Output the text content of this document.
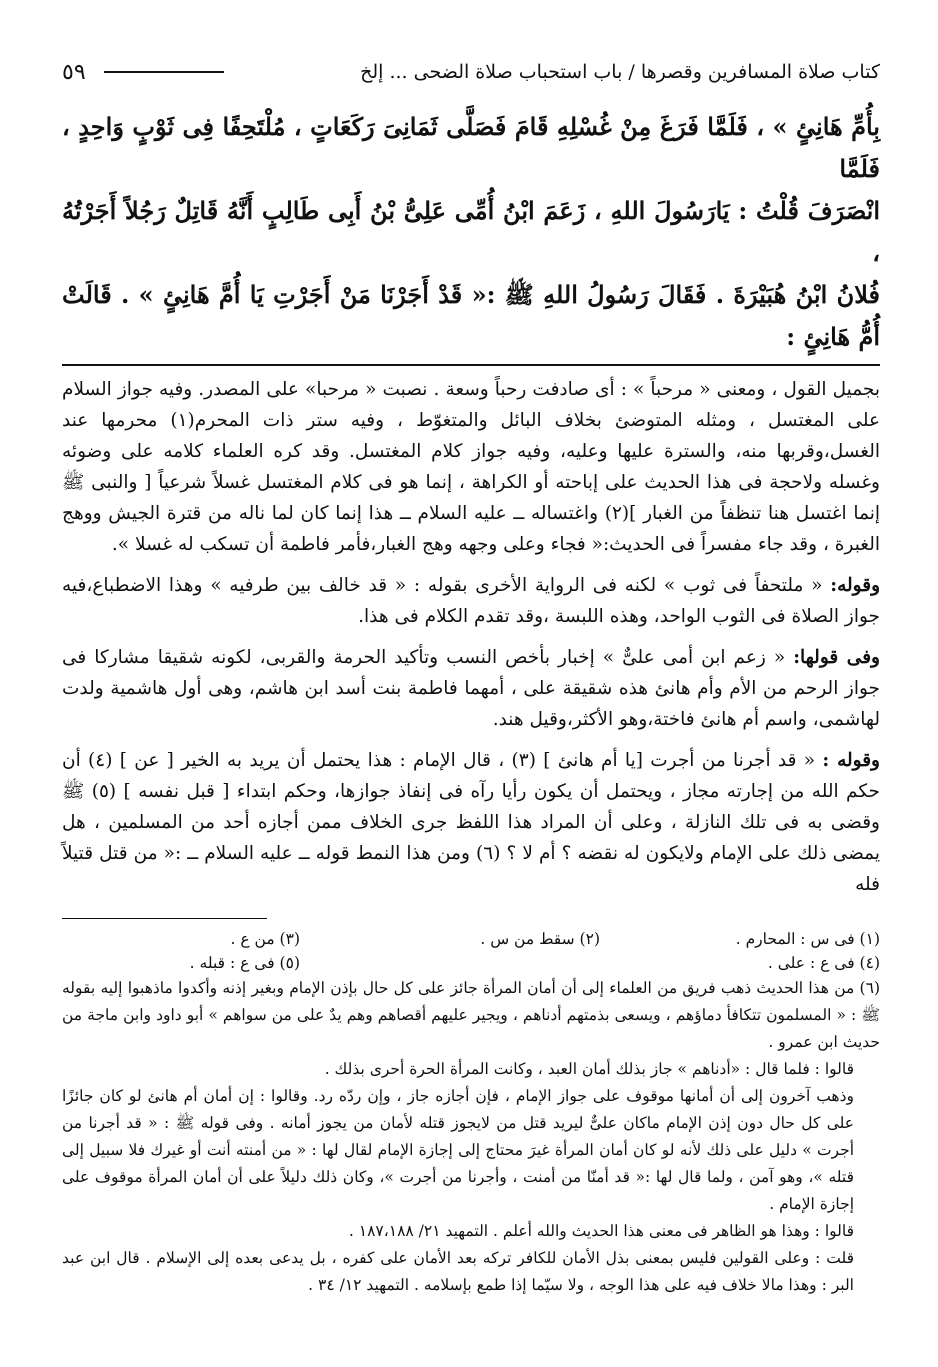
كتاب صلاة المسافرين وقصرها / باب استحباب صلاة الضحى ... إلخ
٥٩

بِأُمِّ هَانِئٍ » ، فَلَمَّا فَرَغَ مِنْ غُسْلِهِ قَامَ فَصَلَّى ثَمَانِىَ رَكَعَاتٍ ، مُلْتَحِفًا فِى ثَوْبٍ وَاحِدٍ ، فَلَمَّا

انْصَرَفَ قُلْتُ : يَارَسُولَ اللهِ ، زَعَمَ ابْنُ أُمِّى عَلِىُّ بْنُ أَبِى طَالِبٍ أَنَّهُ قَاتِلٌ رَجُلاً أَجَرْتُهُ ،

فُلانُ ابْنُ هُبَيْرَةَ . فَقَالَ رَسُولُ اللهِ ﷺ :« قَدْ أَجَرْنَا مَنْ أَجَرْتِ يَا أُمَّ هَانِئٍ » . قَالَتْ أُمُّ هَانِئٍ :

بجميل القول ، ومعنى « مرحباً » : أى صادفت رحباً وسعة . نصبت « مرحبا» على المصدر. وفيه جواز السلام على المغتسل ، ومثله المتوضئ بخلاف البائل والمتغوّط ، وفيه ستر ذات المحرم(١) محرمها عند الغسل،وقربها منه، والسترة عليها وعليه، وفيه جواز كلام المغتسل. وقد كره العلماء كلامه على وضوئه وغسله ولاحجة فى هذا الحديث على إباحته أو الكراهة ، إنما هو فى كلام المغتسل غسلاً شرعياً [ والنبى ﷺ إنما اغتسل هنا تنظفاً من الغبار ](٢) واغتساله ــ عليه السلام ــ هذا إنما كان لما ناله من قترة الجيش ووهج الغبرة ، وقد جاء مفسراً فى الحديث:« فجاء وعلى وجهه وهج الغبار،فأمر فاطمة أن تسكب له غسلا ».

وقوله: « ملتحفاً فى ثوب » لكنه فى الرواية الأخرى بقوله : « قد خالف بين طرفيه » وهذا الاضطباع،فيه جواز الصلاة فى الثوب الواحد، وهذه اللبسة ،وقد تقدم الكلام فى هذا.

وفى قولها: « زعم ابن أمى علىٌّ » إخبار بأخص النسب وتأكيد الحرمة والقربى، لكونه شقيقا مشاركا فى جواز الرحم من الأم وأم هانئ هذه شقيقة على ، أمهما فاطمة بنت أسد ابن هاشم، وهى أول هاشمية ولدت لهاشمى، واسم أم هانئ فاختة،وهو الأكثر،وقيل هند.

وقوله : « قد أجرنا من أجرت [يا أم هانئ ] (٣) ، قال الإمام : هذا يحتمل أن يريد به الخير [ عن ] (٤) أن حكم الله من إجارته مجاز ، ويحتمل أن يكون رأيا رآه فى إنفاذ جوازها، وحكم ابتداء [ قبل نفسه ] (٥) ﷺ وقضى به فى تلك النازلة ، وعلى أن المراد هذا اللفظ جرى الخلاف ممن أجازه أحد من المسلمين ، هل يمضى ذلك على الإمام ولايكون له نقضه ؟ أم لا ؟ (٦) ومن هذا النمط قوله ــ عليه السلام ــ :« من قتل قتيلاً فله

(١) فى س : المحارم .
(٢) سقط من س .
(٣) من ع .
(٤) فى ع : على .
(٥) فى ع : قبله .

(٦) من هذا الحديث ذهب فريق من العلماء إلى أن أمان المرأة جائز على كل حال بإذن الإمام وبغير إذنه وأكدوا ماذهبوا إليه بقوله ﷺ : « المسلمون تتكافأ دماؤهم ، ويسعى بذمتهم أدناهم ، ويجير عليهم أقصاهم وهم يدٌ على من سواهم » أبو داود وابن ماجة من حديث ابن عمرو .

قالوا : فلما قال : «أدناهم » جاز بذلك أمان العبد ، وكانت المرأة الحرة أحرى بذلك .

وذهب آخرون إلى أن أمانها موقوف على جواز الإمام ، فإن أجازه جاز ، وإن ردّه رد. وقالوا : إن أمان أم هانئ لو كان جائزًا على كل حال دون إذن الإمام ماكان علىٌّ ليريد قتل من لايجوز قتله لأمان من يجوز أمانه . وفى قوله ﷺ : « قد أجرنا من أجرت » دليل على ذلك لأنه لو كان أمان المرأة غيرَ محتاج إلى إجازة الإمام لقال لها : « من أمنته أنت أو غيرك فلا سبيل إلى قتله »، وهو آمن ، ولما قال لها :« قد أمنّا من أمنت ، وأجرنا من أجرت »، وكان ذلك دليلاً على أن أمان المرأة موقوف على إجازة الإمام .

قالوا : وهذا هو الظاهر فى معنى هذا الحديث والله أعلم . التمهيد ٢١/ ١٨٧،١٨٨ .

قلت : وعلى القولين فليس بمعنى بذل الأمان للكافر تركه بعد الأمان على كفره ، بل يدعى بعده إلى الإسلام . قال ابن عبد البر : وهذا مالا خلاف فيه على هذا الوجه ، ولا سيّما إذا طمع بإسلامه . التمهيد ١٢/ ٣٤ .
